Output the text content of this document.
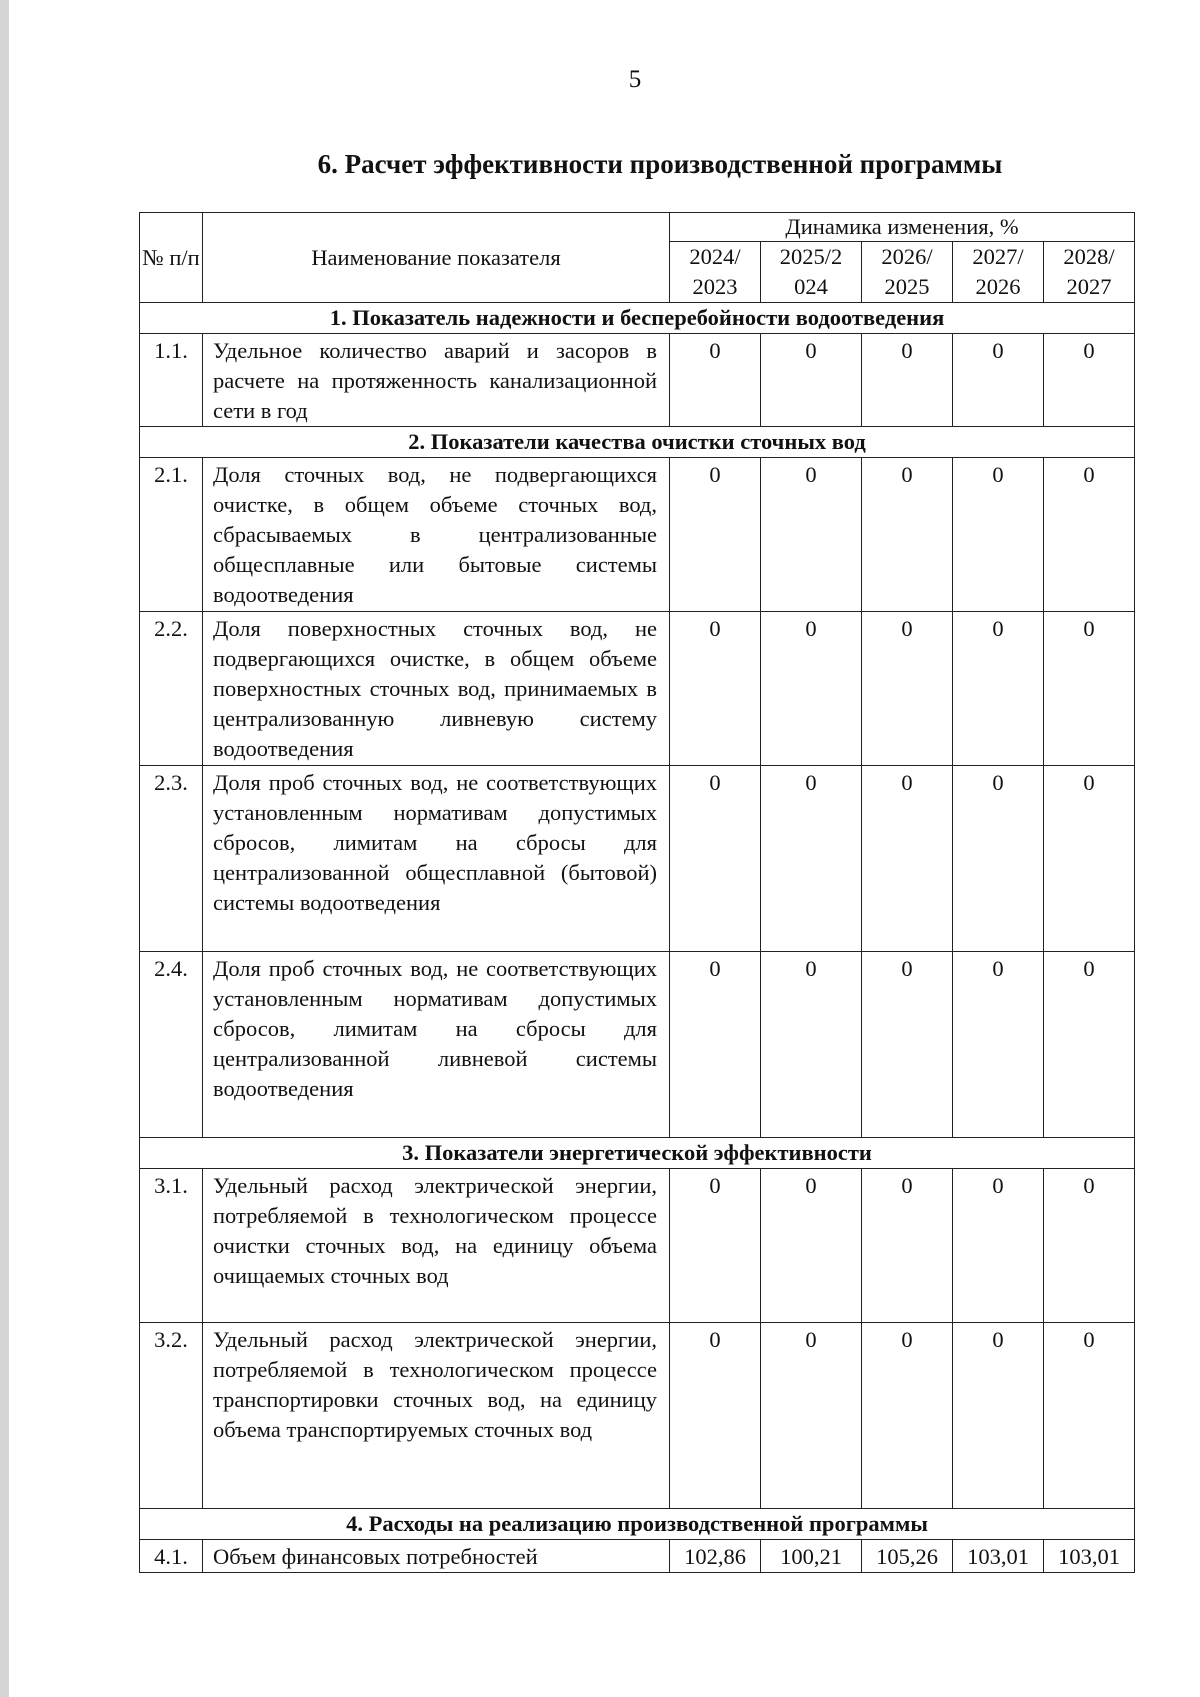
5
6. Расчет эффективности производственной программы
№ п/п	Наименование показателя	Динамика изменения, %				
		2024/ 2023	2025/2 024	2026/ 2025	2027/ 2026	2028/ 2027
1. Показатель надежности и бесперебойности водоотведения						
1.1.	Удельное количество аварий и засоров в расчете на протяженность канализационной сети в год	0	0	0	0	0
2. Показатели качества очистки сточных вод						
2.1.	Доля сточных вод, не подвергающихся очистке, в общем объеме сточных вод, сбрасываемых в централизованные общесплавные или бытовые системы водоотведения	0	0	0	0	0
2.2.	Доля поверхностных сточных вод, не подвергающихся очистке, в общем объеме поверхностных сточных вод, принимаемых в централизованную ливневую систему водоотведения	0	0	0	0	0
2.3.	Доля проб сточных вод, не соответствующих установленным нормативам допустимых сбросов, лимитам на сбросы для централизованной общесплавной (бытовой) системы водоотведения	0	0	0	0	0
2.4.	Доля проб сточных вод, не соответствующих установленным нормативам допустимых сбросов, лимитам на сбросы для централизованной ливневой системы водоотведения	0	0	0	0	0
3. Показатели энергетической эффективности						
3.1.	Удельный расход электрической энергии, потребляемой в технологическом процессе очистки сточных вод, на единицу объема очищаемых сточных вод	0	0	0	0	0
3.2.	Удельный расход электрической энергии, потребляемой в технологическом процессе транспортировки сточных вод, на единицу объема транспортируемых сточных вод	0	0	0	0	0
4. Расходы на реализацию производственной программы						
4.1.	Объем финансовых потребностей	102,86	100,21	105,26	103,01	103,01
